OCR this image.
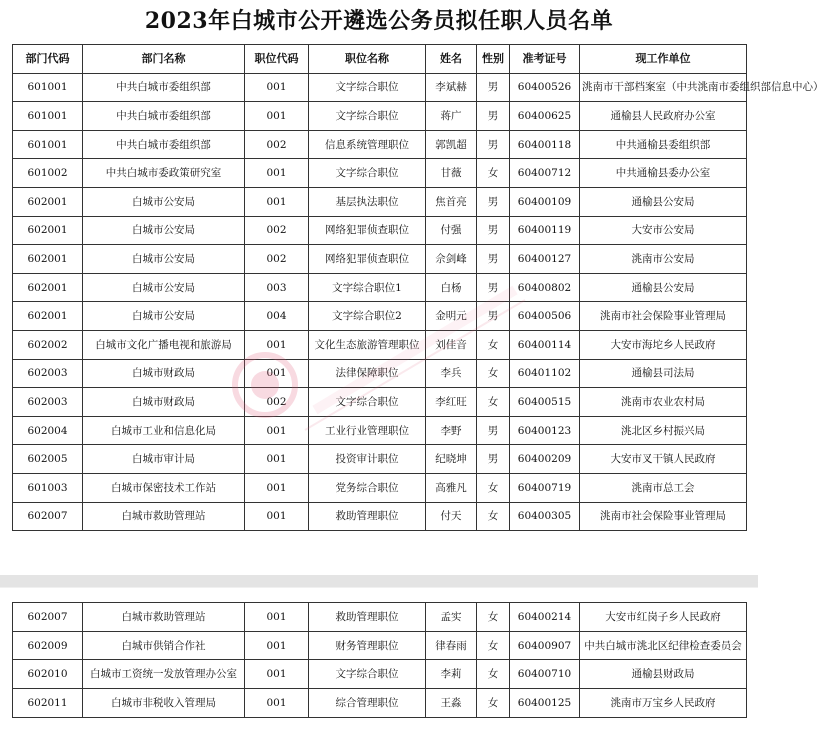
2023年白城市公开遴选公务员拟任职人员名单
部门代码	部门名称	职位代码	职位名称	姓名	性别	准考证号	现工作单位
601001	中共白城市委组织部	001	文字综合职位	李斌赫	男	60400526	洮南市干部档案室（中共洮南市委组织部信息中心）
601001	中共白城市委组织部	001	文字综合职位	蒋广	男	60400625	通榆县人民政府办公室
601001	中共白城市委组织部	002	信息系统管理职位	郭凯超	男	60400118	中共通榆县委组织部
601002	中共白城市委政策研究室	001	文字综合职位	甘薇	女	60400712	中共通榆县委办公室
602001	白城市公安局	001	基层执法职位	焦首亮	男	60400109	通榆县公安局
602001	白城市公安局	002	网络犯罪侦查职位	付强	男	60400119	大安市公安局
602001	白城市公安局	002	网络犯罪侦查职位	佘剑峰	男	60400127	洮南市公安局
602001	白城市公安局	003	文字综合职位1	白杨	男	60400802	通榆县公安局
602001	白城市公安局	004	文字综合职位2	金明元	男	60400506	洮南市社会保险事业管理局
602002	白城市文化广播电视和旅游局	001	文化生态旅游管理职位	刘佳音	女	60400114	大安市海坨乡人民政府
602003	白城市财政局	001	法律保障职位	李兵	女	60401102	通榆县司法局
602003	白城市财政局	002	文字综合职位	李红旺	女	60400515	洮南市农业农村局
602004	白城市工业和信息化局	001	工业行业管理职位	李野	男	60400123	洮北区乡村振兴局
602005	白城市审计局	001	投资审计职位	纪晓坤	男	60400209	大安市叉干镇人民政府
601003	白城市保密技术工作站	001	党务综合职位	高雅凡	女	60400719	洮南市总工会
602007	白城市救助管理站	001	救助管理职位	付天	女	60400305	洮南市社会保险事业管理局
602007	白城市救助管理站	001	救助管理职位	孟实	女	60400214	大安市红岗子乡人民政府
602009	白城市供销合作社	001	财务管理职位	律春雨	女	60400907	中共白城市洮北区纪律检查委员会
602010	白城市工资统一发放管理办公室	001	文字综合职位	李莉	女	60400710	通榆县财政局
602011	白城市非税收入管理局	001	综合管理职位	王淼	女	60400125	洮南市万宝乡人民政府
